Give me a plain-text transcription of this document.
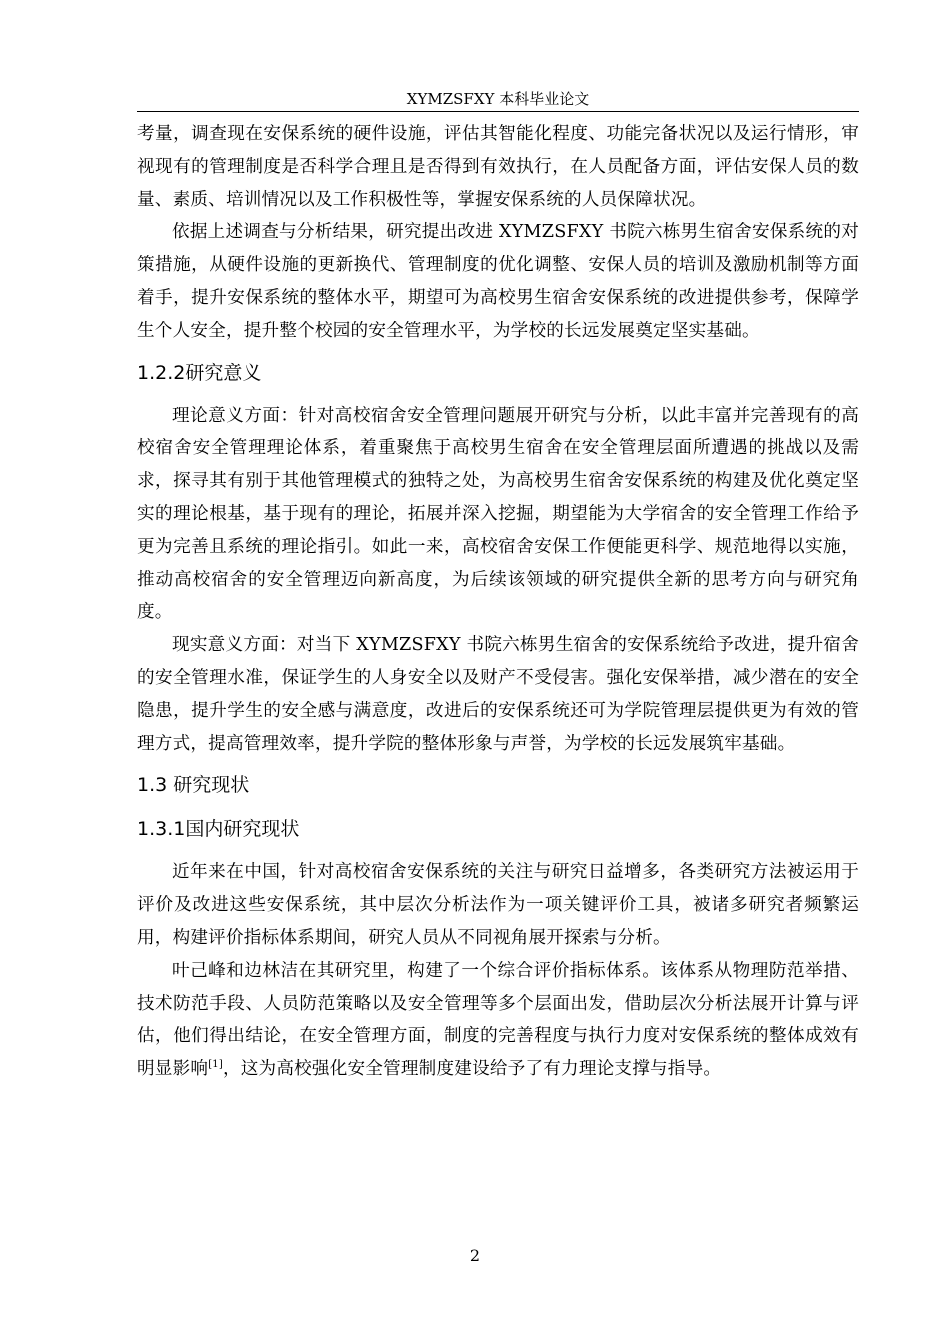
XYMZSFXY 本科毕业论文

考量，调查现在安保系统的硬件设施，评估其智能化程度、功能完备状况以及运行情形，审视现有的管理制度是否科学合理且是否得到有效执行，在人员配备方面，评估安保人员的数量、素质、培训情况以及工作积极性等，掌握安保系统的人员保障状况。

依据上述调查与分析结果，研究提出改进 XYMZSFXY 书院六栋男生宿舍安保系统的对策措施，从硬件设施的更新换代、管理制度的优化调整、安保人员的培训及激励机制等方面着手，提升安保系统的整体水平，期望可为高校男生宿舍安保系统的改进提供参考，保障学生个人安全，提升整个校园的安全管理水平，为学校的长远发展奠定坚实基础。

1.2.2研究意义

理论意义方面：针对高校宿舍安全管理问题展开研究与分析，以此丰富并完善现有的高校宿舍安全管理理论体系，着重聚焦于高校男生宿舍在安全管理层面所遭遇的挑战以及需求，探寻其有别于其他管理模式的独特之处，为高校男生宿舍安保系统的构建及优化奠定坚实的理论根基，基于现有的理论，拓展并深入挖掘，期望能为大学宿舍的安全管理工作给予更为完善且系统的理论指引。如此一来，高校宿舍安保工作便能更科学、规范地得以实施，推动高校宿舍的安全管理迈向新高度，为后续该领域的研究提供全新的思考方向与研究角度。

现实意义方面：对当下 XYMZSFXY 书院六栋男生宿舍的安保系统给予改进，提升宿舍的安全管理水准，保证学生的人身安全以及财产不受侵害。强化安保举措，减少潜在的安全隐患，提升学生的安全感与满意度，改进后的安保系统还可为学院管理层提供更为有效的管理方式，提高管理效率，提升学院的整体形象与声誉，为学校的长远发展筑牢基础。

1.3 研究现状
1.3.1国内研究现状

近年来在中国，针对高校宿舍安保系统的关注与研究日益增多，各类研究方法被运用于评价及改进这些安保系统，其中层次分析法作为一项关键评价工具，被诸多研究者频繁运用，构建评价指标体系期间，研究人员从不同视角展开探索与分析。

叶己峰和边林洁在其研究里，构建了一个综合评价指标体系。该体系从物理防范举措、技术防范手段、人员防范策略以及安全管理等多个层面出发，借助层次分析法展开计算与评估，他们得出结论，在安全管理方面，制度的完善程度与执行力度对安保系统的整体成效有明显影响[1]，这为高校强化安全管理制度建设给予了有力理论支撑与指导。

2
